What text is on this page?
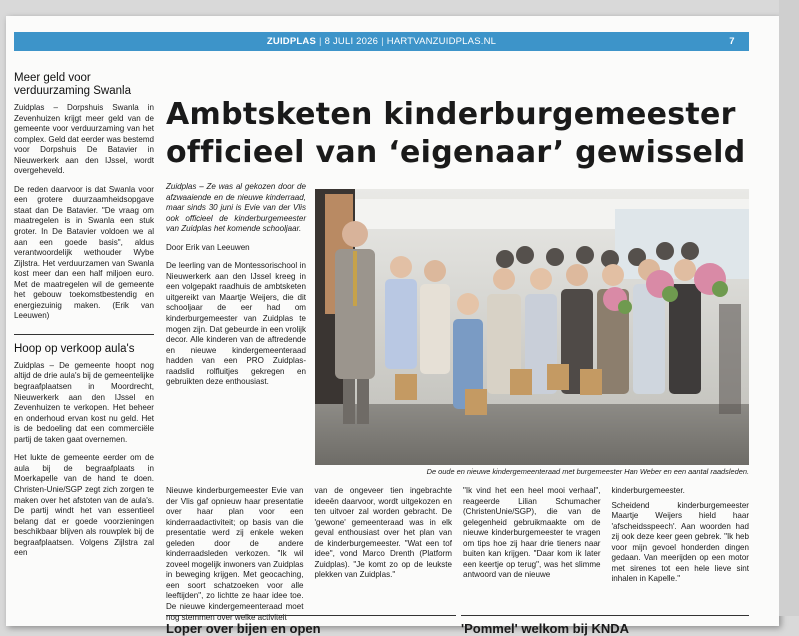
ZUIDPLAS | 8 JULI 2026 | HARTVANZUIDPLAS.NL	7
Meer geld voor verduurzaming Swanla

Zuidplas – Dorpshuis Swanla in Zevenhuizen krijgt meer geld van de gemeente voor verduurzaming van het complex. Geld dat eerder was bestemd voor Dorpshuis De Batavier in Nieuwerkerk aan den IJssel, wordt overgeheveld.

De reden daarvoor is dat Swanla voor een grotere duurzaamheidsopgave staat dan De Batavier. "De vraag om maatregelen is in Swanla een stuk groter. In De Batavier voldoen we al aan een goede basis", aldus verantwoordelijk wethouder Wybe Zijlstra. Het verduurzamen van Swanla kost meer dan een half miljoen euro. Met de maatregelen wil de gemeente het gebouw toekomstbestendig en energiezuinig maken. (Erik van Leeuwen)

Hoop op verkoop aula's

Zuidplas – De gemeente hoopt nog altijd de drie aula's bij de gemeentelijke begraafplaatsen in Moordrecht, Nieuwerkerk aan den IJssel en Zevenhuizen te verkopen. Het beheer en onderhoud ervan kost nu geld. Het is de bedoeling dat een commerciële partij de taken gaat overnemen.

Het lukte de gemeente eerder om de aula bij de begraafplaats in Moerkapelle van de hand te doen. Christen-Unie/SGP zegt zich zorgen te maken over het afstoten van de aula's. De partij windt het van essentieel belang dat er goede voorzieningen beschikbaar blijven als rouwplek bij de begraafplaatsen. Volgens Zijlstra zal een

Ambtsketen kinderburgemeester officieel van ‘eigenaar’ gewisseld

Zuidplas – Ze was al gekozen door de afzwaaiende en de nieuwe kinderraad, maar sinds 30 juni is Evie van der Vlis ook officieel de kinderburgemeester van Zuidplas het komende schooljaar.

Door Erik van Leeuwen

De leerling van de Montessorischool in Nieuwerkerk aan den IJssel kreeg in een volgepakt raadhuis de ambtsketen uitgereikt van Maartje Weijers, die dit schooljaar de eer had om kinderburgemeester van Zuidplas te mogen zijn. Dat gebeurde in een vrolijk decor. Alle kinderen van de aftredende en nieuwe kindergemeenteraad hadden van een PRO Zuidplas-raadslid rolfluitjes gekregen en gebruikten deze enthousiast.

De oude en nieuwe kindergemeenteraad met burgemeester Han Weber en een aantal raadsleden.

Nieuwe kinderburgemeester Evie van der Vlis gaf opnieuw haar presentatie over haar plan voor een kinderraadactiviteit; op basis van die presentatie werd zij enkele weken geleden door de andere kinderraadsleden verkozen. "Ik wil zoveel mogelijk inwoners van Zuidplas in beweging krijgen. Met geocaching, een soort schatzoeken voor alle leeftijden", zo lichtte ze haar idee toe. De nieuwe kindergemeenteraad moet nog stemmen over welke activiteit

van de ongeveer tien ingebrachte ideeën daarvoor, wordt uitgekozen en ten uitvoer zal worden gebracht. De 'gewone' gemeenteraad was in elk geval enthousiast over het plan van de kinderburgemeester. "Wat een tof idee", vond Marco Drenth (Platform Zuidplas). "Je komt zo op de leukste plekken van Zuidplas."

"Ik vind het een heel mooi verhaal", reageerde Lilian Schumacher (ChristenUnie/SGP), die van de gelegenheid gebruikmaakte om de nieuwe kinderburgemeester te vragen om tips hoe zij haar drie tieners naar buiten kan krijgen. "Daar kom ik later een keertje op terug", was het slimme antwoord van de nieuwe

kinderburgemeester.

Scheidend kinderburgemeester Maartje Weijers hield haar 'afscheidsspeech'. Aan woorden had zij ook deze keer geen gebrek. "Ik heb voor mijn gevoel honderden dingen gedaan. Van meerijden op een motor met sirenes tot een hele lieve sint inhalen in Kapelle."

Loper over bijen en open	'Pommel' welkom bij KNDA
